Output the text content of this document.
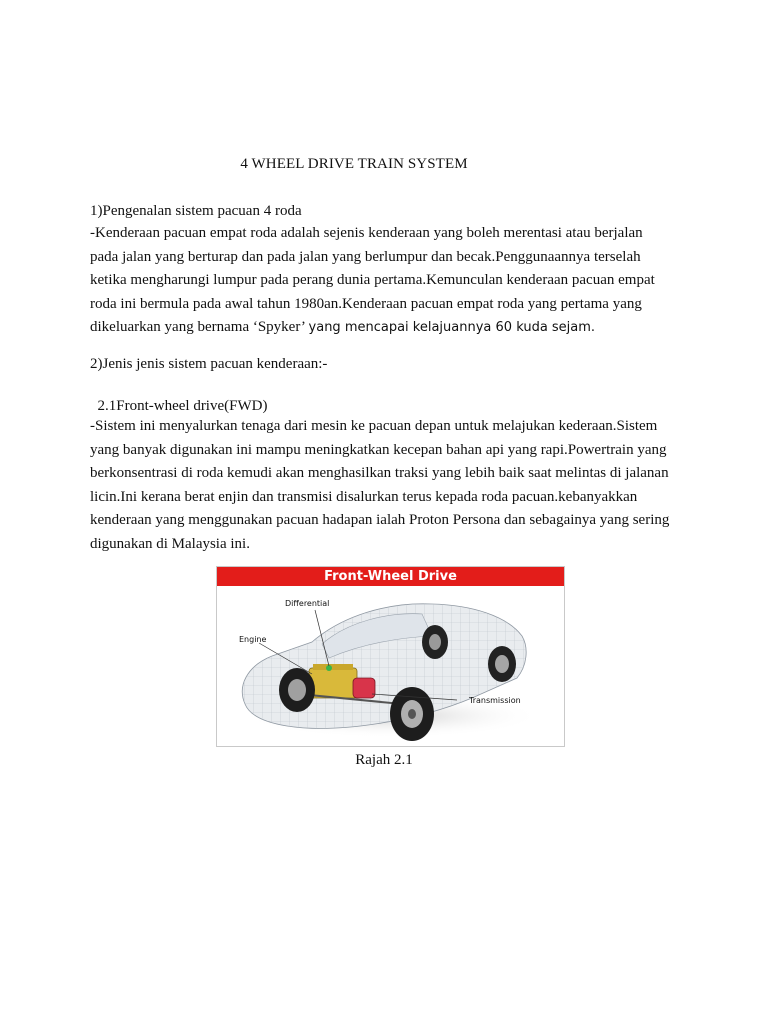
4 WHEEL DRIVE TRAIN SYSTEM
1)Pengenalan sistem pacuan 4 roda
-Kenderaan pacuan empat roda adalah sejenis kenderaan yang boleh merentasi atau berjalan
pada jalan yang berturap dan pada jalan yang berlumpur dan becak.Penggunaannya terselah
ketika mengharungi lumpur pada perang dunia pertama.Kemunculan kenderaan pacuan empat
roda ini bermula pada awal tahun 1980an.Kenderaan pacuan empat roda yang pertama yang
dikeluarkan yang bernama ‘Spyker’ yang mencapai kelajuannya 60 kuda sejam.
2)Jenis jenis sistem pacuan kenderaan:-
2.1Front-wheel drive(FWD)
-Sistem ini menyalurkan tenaga dari mesin ke pacuan depan untuk melajukan kederaan.Sistem
yang banyak digunakan ini mampu meningkatkan kecepan bahan api yang rapi.Powertrain yang
berkonsentrasi di roda kemudi akan menghasilkan traksi yang lebih baik saat melintas di jalanan
licin.Ini kerana berat enjin dan transmisi disalurkan terus kepada roda pacuan.kebanyakkan
kenderaan yang menggunakan pacuan hadapan ialah Proton Persona dan sebagainya yang sering
digunakan di Malaysia ini.
Front-Wheel Drive
Differential
Engine
Transmission
Rajah 2.1
